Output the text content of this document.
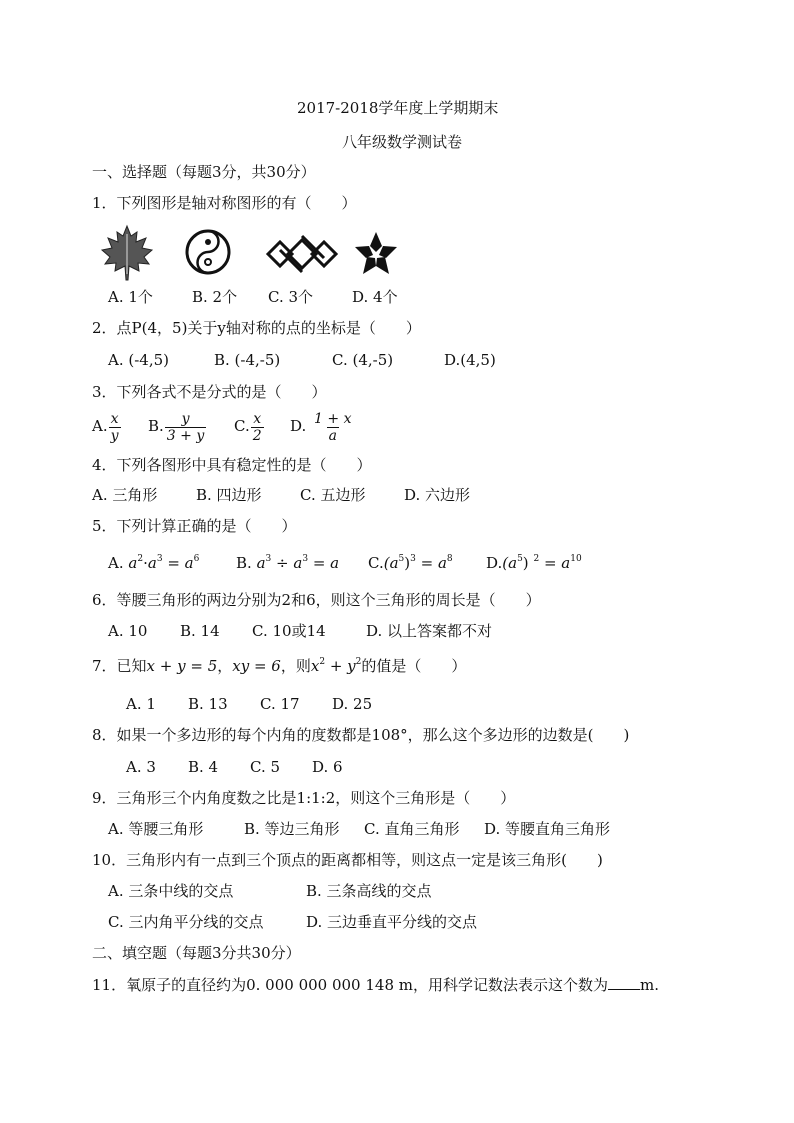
2017-2018学年度上学期期末
八年级数学测试卷
一、选择题（每题3分，共30分）
1．下列图形是轴对称图形的有（　　）
A. 1个	B. 2个 C. 3个	D. 4个
2．点P(4，5)关于y轴对称的点的坐标是（　　）
A. (-4,5)	B. (-4,-5)	C. (4,-5)	D.(4,5)
3．下列各式不是分式的是（　　）
A. $\frac{x}{y} B$. $\frac{y}{3 + y} C$. $\frac{x}{2} D$. $\frac{1 + x}{a}$
4．下列各图形中具有稳定性的是（　　）
A. 三角形	B. 四边形	C. 五边形	D. 六边形
5．下列计算正确的是（　　）
A. $a^2\cdot a^3 = a^6$ B. $a^3 \div a^3 = a$ $C.(a^5)^3 = a^8$ $D.(a^5) ^2 = a^{10}$
6．等腰三角形的两边分别为2和6，则这个三角形的周长是（　　）
A. 10 B. 14 C. 10或14	D. 以上答案都不对
7．已知x + y = 5，xy = 6，则$x^2 + y^2$的值是（　　）
A. 1 B. 13 C. 17 D. 25
8．如果一个多边形的每个内角的度数都是108°，那么这个多边形的边数是(　　)
A. 3 B. 4 C. 5 D. 6
9．三角形三个内角度数之比是1:1:2，则这个三角形是（　　）
A. 等腰三角形	B. 等边三角形 C. 直角三角形 D. 等腰直角三角形
10．三角形内有一点到三个顶点的距离都相等，则这点一定是该三角形(　　)
A. 三条中线的交点	B. 三条高线的交点
C. 三内角平分线的交点	D. 三边垂直平分线的交点
二、填空题（每题3分共30分）
11．氧原子的直径约为0. 000 000 000 148 m，用科学记数法表示这个数为 m.
